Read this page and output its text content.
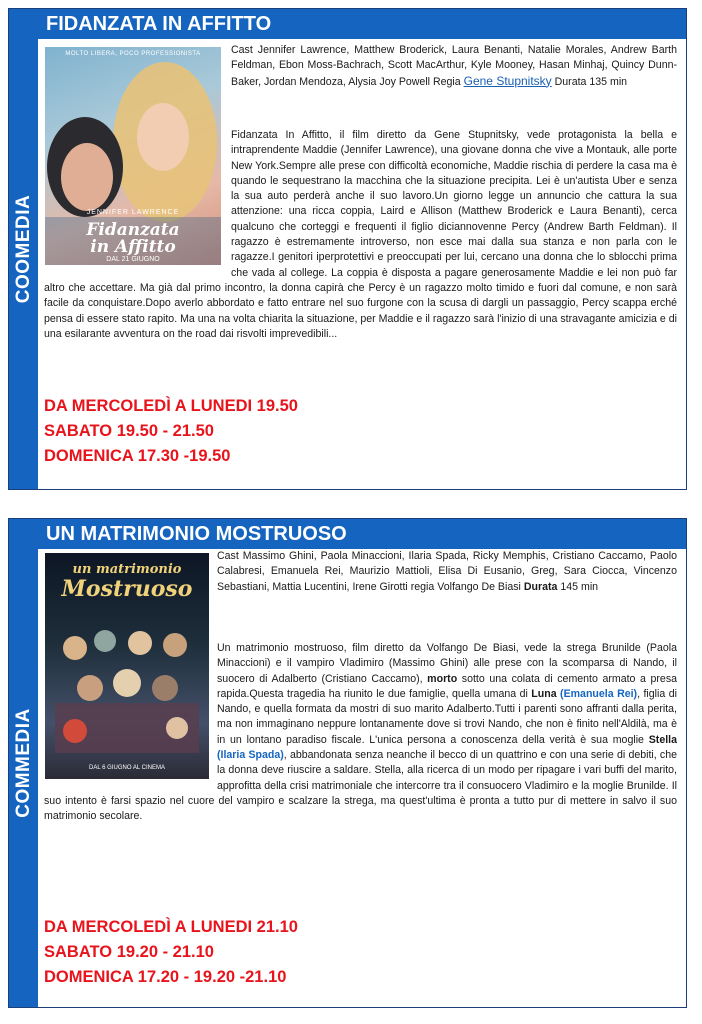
COOMEDIA
FIDANZATA IN AFFITTO
MOLTO LIBERA, POCO PROFESSIONISTA
JENNIFER LAWRENCE
Fidanzata
in Affitto
DAL 21 GIUGNO
Cast Jennifer Lawrence, Matthew Broderick, Laura Benanti, Natalie Morales, Andrew Barth Feldman, Ebon Moss-Bachrach, Scott MacArthur, Kyle Mooney, Hasan Minhaj, Quincy Dunn-Baker, Jordan Mendoza, Alysia Joy Powell Regia Gene Stupnitsky Durata 135 min
Fidanzata In Affitto, il film diretto da Gene Stupnitsky, vede protagonista la bella e intraprendente Maddie (Jennifer Lawrence), una giovane donna che vive a Montauk, alle porte New York.Sempre alle prese con difficoltà economiche, Maddie rischia di perdere la casa ma è quando le sequestrano la macchina che la situazione precipita. Lei è un'autista Uber e senza la sua auto perderà anche il suo lavoro.Un giorno legge un annuncio che cattura la sua attenzione: una ricca coppia, Laird e Allison (Matthew Broderick e Laura Benanti), cerca qualcuno che corteggi e frequenti il figlio diciannovenne Percy (Andrew Barth Feldman). Il ragazzo è estremamente introverso, non esce mai dalla sua stanza e non parla con le ragazze.I genitori iperprotettivi e preoccupati per lui, cercano una donna che lo sblocchi prima che vada al college. La coppia è disposta a pagare generosamente Maddie e lei non può far altro che accettare. Ma già dal primo incontro, la donna capirà che Percy è un ragazzo molto timido e fuori dal comune, e non sarà facile da conquistare.Dopo averlo abbordato e fatto entrare nel suo furgone con la scusa di dargli un passaggio, Percy scappa erché pensa di essere stato rapito. Ma una na volta chiarita la situazione, per Maddie e il ragazzo sarà l'inizio di una stravagante amicizia e di una esilarante avventura on the road dai risvolti imprevedibili...
DA MERCOLEDÌ A LUNEDI 19.50
SABATO 19.50 - 21.50
DOMENICA 17.30 -19.50
COMMEDIA
UN MATRIMONIO MOSTRUOSO
un matrimonio
Mostruoso
DAL 6 GIUGNO AL CINEMA
Cast Massimo Ghini, Paola Minaccioni, Ilaria Spada, Ricky Memphis, Cristiano Caccamo, Paolo Calabresi, Emanuela Rei, Maurizio Mattioli, Elisa Di Eusanio, Greg, Sara Ciocca, Vincenzo Sebastiani, Mattia Lucentini, Irene Girotti regia Volfango De Biasi Durata 145 min
Un matrimonio mostruoso, film diretto da Volfango De Biasi, vede la strega Brunilde (Paola Minaccioni) e il vampiro Vladimiro (Massimo Ghini) alle prese con la scomparsa di Nando, il suocero di Adalberto (Cristiano Caccamo), morto sotto una colata di cemento armato a presa rapida.Questa tragedia ha riunito le due famiglie, quella umana di Luna (Emanuela Rei), figlia di Nando, e quella formata da mostri di suo marito Adalberto.Tutti i parenti sono affranti dalla perita, ma non immaginano neppure lontanamente dove si trovi Nando, che non è finito nell'Aldilà, ma è in un lontano paradiso fiscale. L'unica persona a conoscenza della verità è sua moglie Stella (Ilaria Spada), abbandonata senza neanche il becco di un quattrino e con una serie di debiti, che la donna deve riuscire a saldare. Stella, alla ricerca di un modo per ripagare i vari buffi del marito, approfitta della crisi matrimoniale che intercorre tra il consuocero Vladimiro e la moglie Brunilde. Il suo intento è farsi spazio nel cuore del vampiro e scalzare la strega, ma quest'ultima è pronta a tutto pur di mettere in salvo il suo matrimonio secolare.
DA MERCOLEDÌ A LUNEDI 21.10
SABATO 19.20 - 21.10
DOMENICA 17.20 - 19.20 -21.10
